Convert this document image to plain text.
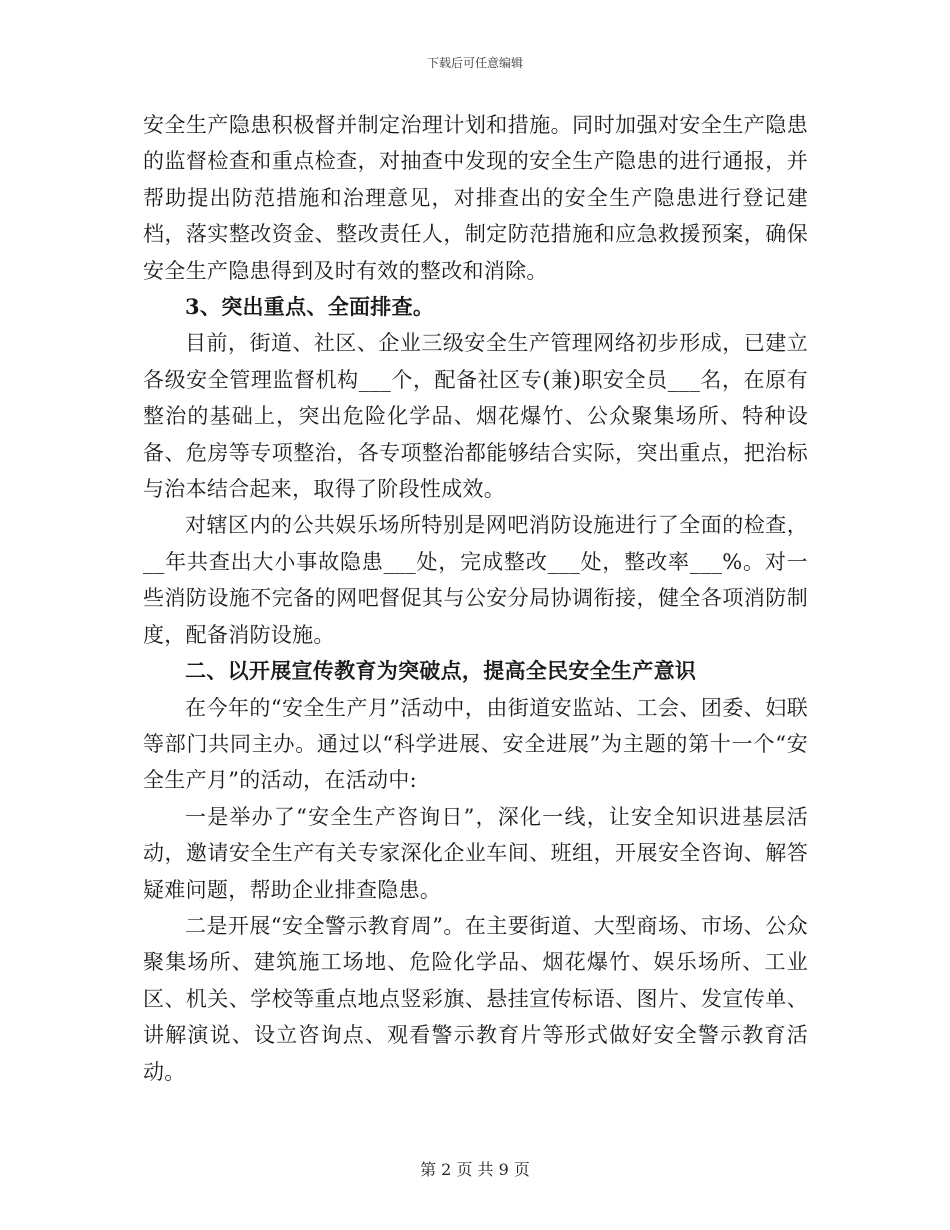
下载后可任意编辑

安全生产隐患积极督并制定治理计划和措施。同时加强对安全生产隐患的监督检查和重点检查，对抽查中发现的安全生产隐患的进行通报，并帮助提出防范措施和治理意见，对排查出的安全生产隐患进行登记建档，落实整改资金、整改责任人，制定防范措施和应急救援预案，确保安全生产隐患得到及时有效的整改和消除。

3、突出重点、全面排查。

目前，街道、社区、企业三级安全生产管理网络初步形成，已建立各级安全管理监督机构___个，配备社区专(兼)职安全员___名，在原有整治的基础上，突出危险化学品、烟花爆竹、公众聚集场所、特种设备、危房等专项整治，各专项整治都能够结合实际，突出重点，把治标与治本结合起来，取得了阶段性成效。

对辖区内的公共娱乐场所特别是网吧消防设施进行了全面的检查，__年共查出大小事故隐患___处，完成整改___处，整改率___%。对一些消防设施不完备的网吧督促其与公安分局协调衔接，健全各项消防制度，配备消防设施。

二、以开展宣传教育为突破点，提高全民安全生产意识

在今年的“安全生产月”活动中，由街道安监站、工会、团委、妇联等部门共同主办。通过以“科学进展、安全进展”为主题的第十一个“安全生产月”的活动，在活动中:

一是举办了“安全生产咨询日”，深化一线，让安全知识进基层活动，邀请安全生产有关专家深化企业车间、班组，开展安全咨询、解答疑难问题，帮助企业排查隐患。

二是开展“安全警示教育周”。在主要街道、大型商场、市场、公众聚集场所、建筑施工场地、危险化学品、烟花爆竹、娱乐场所、工业区、机关、学校等重点地点竖彩旗、悬挂宣传标语、图片、发宣传单、讲解演说、设立咨询点、观看警示教育片等形式做好安全警示教育活动。

第 2 页 共 9 页
